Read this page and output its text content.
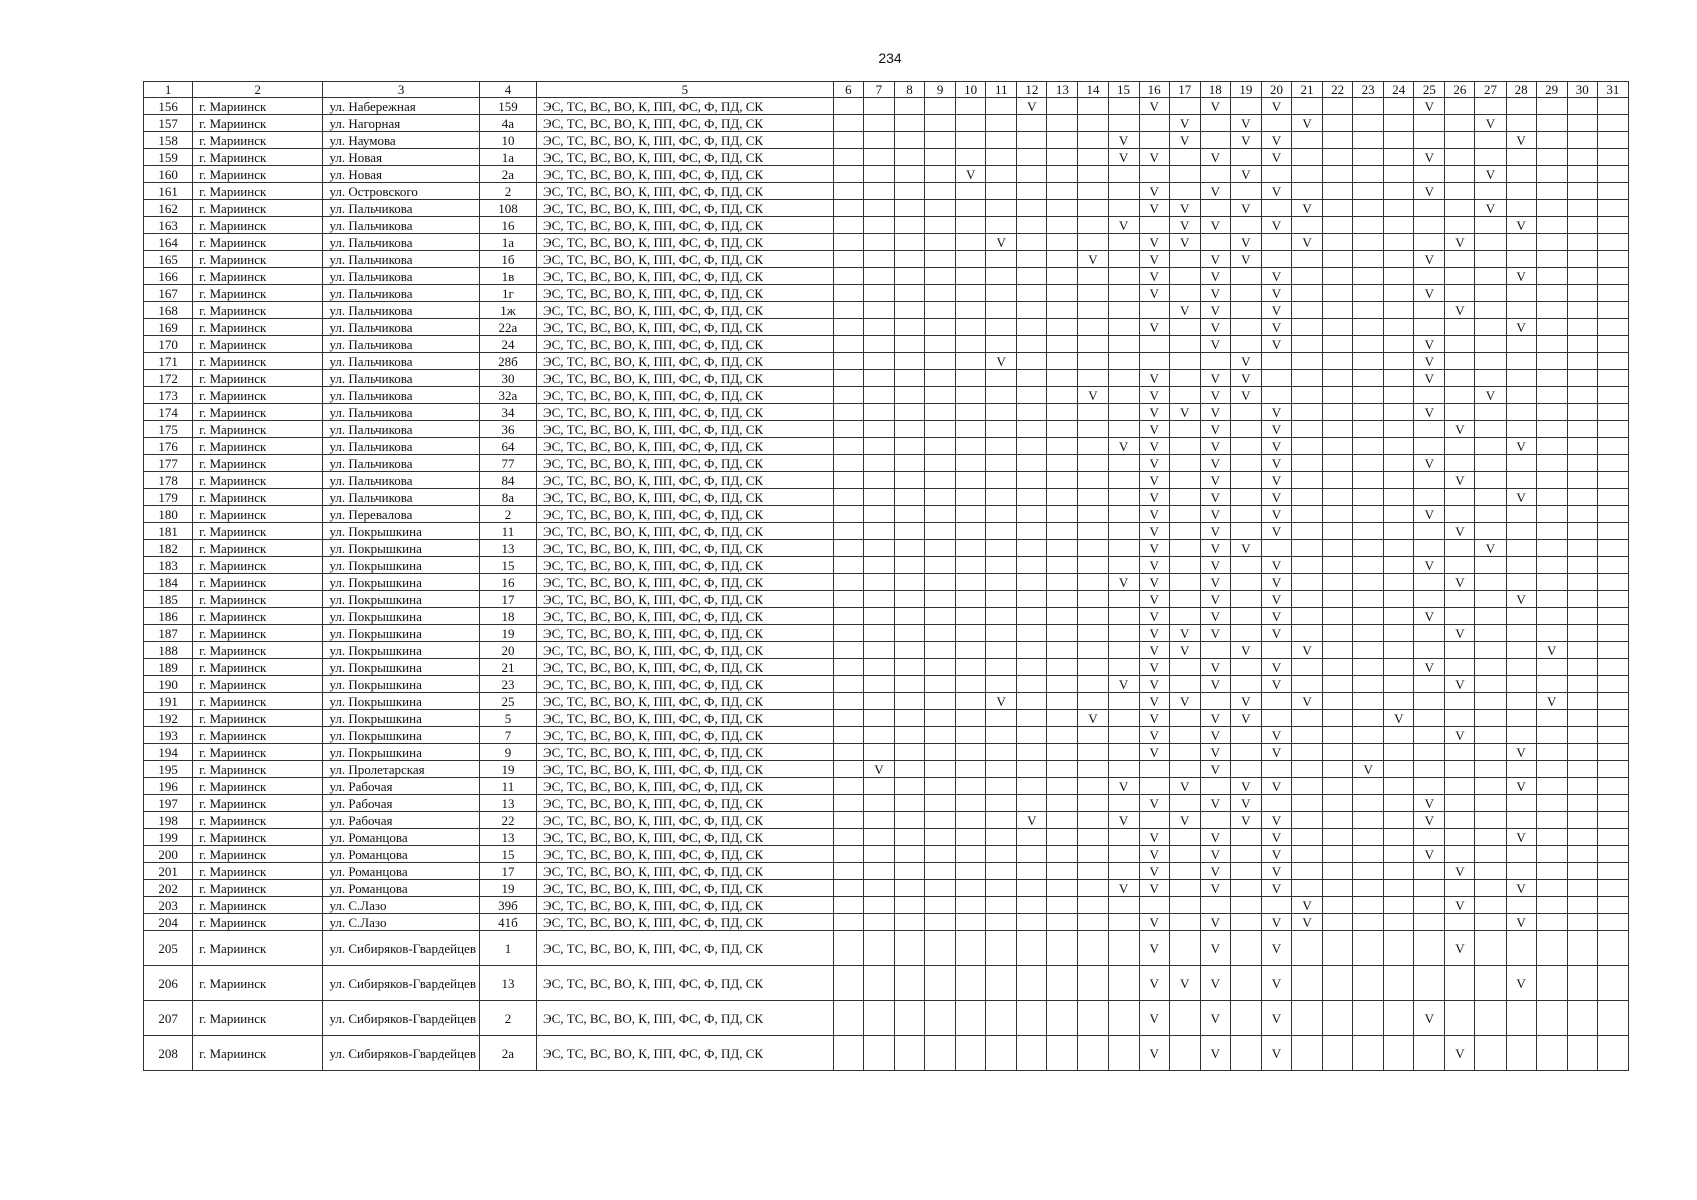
234
1	2	3	4	5	6	7	8	9	10	11	12	13	14	15	16	17	18	19	20	21	22	23	24	25	26	27	28	29	30	31
156	г. Мариинск	ул. Набережная	159	ЭС, ТС, ВС, ВО, К, ПП, ФС, Ф, ПД, СК							V				V		V		V					V						
157	г. Мариинск	ул. Нагорная	4а	ЭС, ТС, ВС, ВО, К, ПП, ФС, Ф, ПД, СК												V		V		V						V				
158	г. Мариинск	ул. Наумова	10	ЭС, ТС, ВС, ВО, К, ПП, ФС, Ф, ПД, СК										V		V		V	V								V			
159	г. Мариинск	ул. Новая	1а	ЭС, ТС, ВС, ВО, К, ПП, ФС, Ф, ПД, СК										V	V		V		V					V						
160	г. Мариинск	ул. Новая	2а	ЭС, ТС, ВС, ВО, К, ПП, ФС, Ф, ПД, СК					V									V								V				
161	г. Мариинск	ул. Островского	2	ЭС, ТС, ВС, ВО, К, ПП, ФС, Ф, ПД, СК											V		V		V					V						
162	г. Мариинск	ул. Пальчикова	108	ЭС, ТС, ВС, ВО, К, ПП, ФС, Ф, ПД, СК											V	V		V		V						V				
163	г. Мариинск	ул. Пальчикова	16	ЭС, ТС, ВС, ВО, К, ПП, ФС, Ф, ПД, СК										V		V	V		V								V			
164	г. Мариинск	ул. Пальчикова	1а	ЭС, ТС, ВС, ВО, К, ПП, ФС, Ф, ПД, СК						V					V	V		V		V					V					
165	г. Мариинск	ул. Пальчикова	1б	ЭС, ТС, ВС, ВО, К, ПП, ФС, Ф, ПД, СК									V		V		V	V						V						
166	г. Мариинск	ул. Пальчикова	1в	ЭС, ТС, ВС, ВО, К, ПП, ФС, Ф, ПД, СК											V		V		V								V			
167	г. Мариинск	ул. Пальчикова	1г	ЭС, ТС, ВС, ВО, К, ПП, ФС, Ф, ПД, СК											V		V		V					V						
168	г. Мариинск	ул. Пальчикова	1ж	ЭС, ТС, ВС, ВО, К, ПП, ФС, Ф, ПД, СК												V	V		V						V					
169	г. Мариинск	ул. Пальчикова	22а	ЭС, ТС, ВС, ВО, К, ПП, ФС, Ф, ПД, СК											V		V		V								V			
170	г. Мариинск	ул. Пальчикова	24	ЭС, ТС, ВС, ВО, К, ПП, ФС, Ф, ПД, СК													V		V					V						
171	г. Мариинск	ул. Пальчикова	28б	ЭС, ТС, ВС, ВО, К, ПП, ФС, Ф, ПД, СК						V								V						V						
172	г. Мариинск	ул. Пальчикова	30	ЭС, ТС, ВС, ВО, К, ПП, ФС, Ф, ПД, СК											V		V	V						V						
173	г. Мариинск	ул. Пальчикова	32а	ЭС, ТС, ВС, ВО, К, ПП, ФС, Ф, ПД, СК									V		V		V	V								V				
174	г. Мариинск	ул. Пальчикова	34	ЭС, ТС, ВС, ВО, К, ПП, ФС, Ф, ПД, СК											V	V	V		V					V						
175	г. Мариинск	ул. Пальчикова	36	ЭС, ТС, ВС, ВО, К, ПП, ФС, Ф, ПД, СК											V		V		V						V					
176	г. Мариинск	ул. Пальчикова	64	ЭС, ТС, ВС, ВО, К, ПП, ФС, Ф, ПД, СК										V	V		V		V								V			
177	г. Мариинск	ул. Пальчикова	77	ЭС, ТС, ВС, ВО, К, ПП, ФС, Ф, ПД, СК											V		V		V					V						
178	г. Мариинск	ул. Пальчикова	84	ЭС, ТС, ВС, ВО, К, ПП, ФС, Ф, ПД, СК											V		V		V						V					
179	г. Мариинск	ул. Пальчикова	8а	ЭС, ТС, ВС, ВО, К, ПП, ФС, Ф, ПД, СК											V		V		V								V			
180	г. Мариинск	ул. Перевалова	2	ЭС, ТС, ВС, ВО, К, ПП, ФС, Ф, ПД, СК											V		V		V					V						
181	г. Мариинск	ул. Покрышкина	11	ЭС, ТС, ВС, ВО, К, ПП, ФС, Ф, ПД, СК											V		V		V						V					
182	г. Мариинск	ул. Покрышкина	13	ЭС, ТС, ВС, ВО, К, ПП, ФС, Ф, ПД, СК											V		V	V								V				
183	г. Мариинск	ул. Покрышкина	15	ЭС, ТС, ВС, ВО, К, ПП, ФС, Ф, ПД, СК											V		V		V					V						
184	г. Мариинск	ул. Покрышкина	16	ЭС, ТС, ВС, ВО, К, ПП, ФС, Ф, ПД, СК										V	V		V		V						V					
185	г. Мариинск	ул. Покрышкина	17	ЭС, ТС, ВС, ВО, К, ПП, ФС, Ф, ПД, СК											V		V		V								V			
186	г. Мариинск	ул. Покрышкина	18	ЭС, ТС, ВС, ВО, К, ПП, ФС, Ф, ПД, СК											V		V		V					V						
187	г. Мариинск	ул. Покрышкина	19	ЭС, ТС, ВС, ВО, К, ПП, ФС, Ф, ПД, СК											V	V	V		V						V					
188	г. Мариинск	ул. Покрышкина	20	ЭС, ТС, ВС, ВО, К, ПП, ФС, Ф, ПД, СК											V	V		V		V								V		
189	г. Мариинск	ул. Покрышкина	21	ЭС, ТС, ВС, ВО, К, ПП, ФС, Ф, ПД, СК											V		V		V					V						
190	г. Мариинск	ул. Покрышкина	23	ЭС, ТС, ВС, ВО, К, ПП, ФС, Ф, ПД, СК										V	V		V		V						V					
191	г. Мариинск	ул. Покрышкина	25	ЭС, ТС, ВС, ВО, К, ПП, ФС, Ф, ПД, СК						V					V	V		V		V								V		
192	г. Мариинск	ул. Покрышкина	5	ЭС, ТС, ВС, ВО, К, ПП, ФС, Ф, ПД, СК									V		V		V	V					V							
193	г. Мариинск	ул. Покрышкина	7	ЭС, ТС, ВС, ВО, К, ПП, ФС, Ф, ПД, СК											V		V		V						V					
194	г. Мариинск	ул. Покрышкина	9	ЭС, ТС, ВС, ВО, К, ПП, ФС, Ф, ПД, СК											V		V		V								V			
195	г. Мариинск	ул. Пролетарская	19	ЭС, ТС, ВС, ВО, К, ПП, ФС, Ф, ПД, СК		V											V					V								
196	г. Мариинск	ул. Рабочая	11	ЭС, ТС, ВС, ВО, К, ПП, ФС, Ф, ПД, СК										V		V		V	V								V			
197	г. Мариинск	ул. Рабочая	13	ЭС, ТС, ВС, ВО, К, ПП, ФС, Ф, ПД, СК											V		V	V						V						
198	г. Мариинск	ул. Рабочая	22	ЭС, ТС, ВС, ВО, К, ПП, ФС, Ф, ПД, СК							V			V		V		V	V					V						
199	г. Мариинск	ул. Романцова	13	ЭС, ТС, ВС, ВО, К, ПП, ФС, Ф, ПД, СК											V		V		V								V			
200	г. Мариинск	ул. Романцова	15	ЭС, ТС, ВС, ВО, К, ПП, ФС, Ф, ПД, СК											V		V		V					V						
201	г. Мариинск	ул. Романцова	17	ЭС, ТС, ВС, ВО, К, ПП, ФС, Ф, ПД, СК											V		V		V						V					
202	г. Мариинск	ул. Романцова	19	ЭС, ТС, ВС, ВО, К, ПП, ФС, Ф, ПД, СК										V	V		V		V								V			
203	г. Мариинск	ул. С.Лазо	39б	ЭС, ТС, ВС, ВО, К, ПП, ФС, Ф, ПД, СК																V					V					
204	г. Мариинск	ул. С.Лазо	41б	ЭС, ТС, ВС, ВО, К, ПП, ФС, Ф, ПД, СК											V		V		V	V							V			
205	г. Мариинск	ул. Сибиряков-Гвардейцев	1	ЭС, ТС, ВС, ВО, К, ПП, ФС, Ф, ПД, СК											V		V		V						V					
206	г. Мариинск	ул. Сибиряков-Гвардейцев	13	ЭС, ТС, ВС, ВО, К, ПП, ФС, Ф, ПД, СК											V	V	V		V								V			
207	г. Мариинск	ул. Сибиряков-Гвардейцев	2	ЭС, ТС, ВС, ВО, К, ПП, ФС, Ф, ПД, СК											V		V		V					V						
208	г. Мариинск	ул. Сибиряков-Гвардейцев	2а	ЭС, ТС, ВС, ВО, К, ПП, ФС, Ф, ПД, СК											V		V		V						V					
